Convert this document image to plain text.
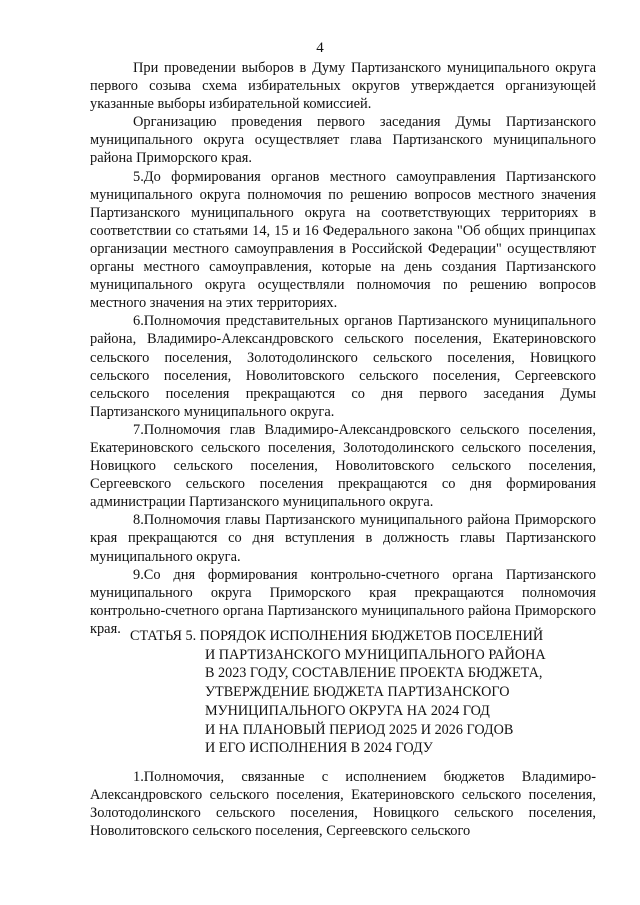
4

При проведении выборов в Думу Партизанского муниципального округа первого созыва схема избирательных округов утверждается организующей указанные выборы избирательной комиссией.

Организацию проведения первого заседания Думы Партизанского муниципального округа осуществляет глава Партизанского муниципального района Приморского края.

5.До формирования органов местного самоуправления Партизанского муниципального округа полномочия по решению вопросов местного значения Партизанского муниципального округа на соответствующих территориях в соответствии со статьями 14, 15 и 16 Федерального закона "Об общих принципах организации местного самоуправления в Российской Федерации" осуществляют органы местного самоуправления, которые на день создания Партизанского муниципального округа осуществляли полномочия по решению вопросов местного значения на этих территориях.

6.Полномочия представительных органов Партизанского муниципального района, Владимиро-Александровского сельского поселения, Екатериновского сельского поселения, Золотодолинского сельского поселения, Новицкого сельского поселения, Новолитовского сельского поселения, Сергеевского сельского поселения прекращаются со дня первого заседания Думы Партизанского муниципального округа.

7.Полномочия глав Владимиро-Александровского сельского поселения, Екатериновского сельского поселения, Золотодолинского сельского поселения, Новицкого сельского поселения, Новолитовского сельского поселения, Сергеевского сельского поселения прекращаются со дня формирования администрации Партизанского муниципального округа.

8.Полномочия главы Партизанского муниципального района Приморского края прекращаются со дня вступления в должность главы Партизанского муниципального округа.

9.Со дня формирования контрольно-счетного органа Партизанского муниципального округа Приморского края прекращаются полномочия контрольно-счетного органа Партизанского муниципального района Приморского края. СТАТЬЯ 5. ПОРЯДОК ИСПОЛНЕНИЯ БЮДЖЕТОВ ПОСЕЛЕНИЙ
И ПАРТИЗАНСКОГО МУНИЦИПАЛЬНОГО РАЙОНА
В 2023 ГОДУ, СОСТАВЛЕНИЕ ПРОЕКТА БЮДЖЕТА,
УТВЕРЖДЕНИЕ БЮДЖЕТА ПАРТИЗАНСКОГО
МУНИЦИПАЛЬНОГО ОКРУГА НА 2024 ГОД
И НА ПЛАНОВЫЙ ПЕРИОД 2025 И 2026 ГОДОВ
И ЕГО ИСПОЛНЕНИЯ В 2024 ГОДУ

1.Полномочия, связанные с исполнением бюджетов Владимиро-Александровского сельского поселения, Екатериновского сельского поселения, Золотодолинского сельского поселения, Новицкого сельского поселения, Новолитовского сельского поселения, Сергеевского сельского
